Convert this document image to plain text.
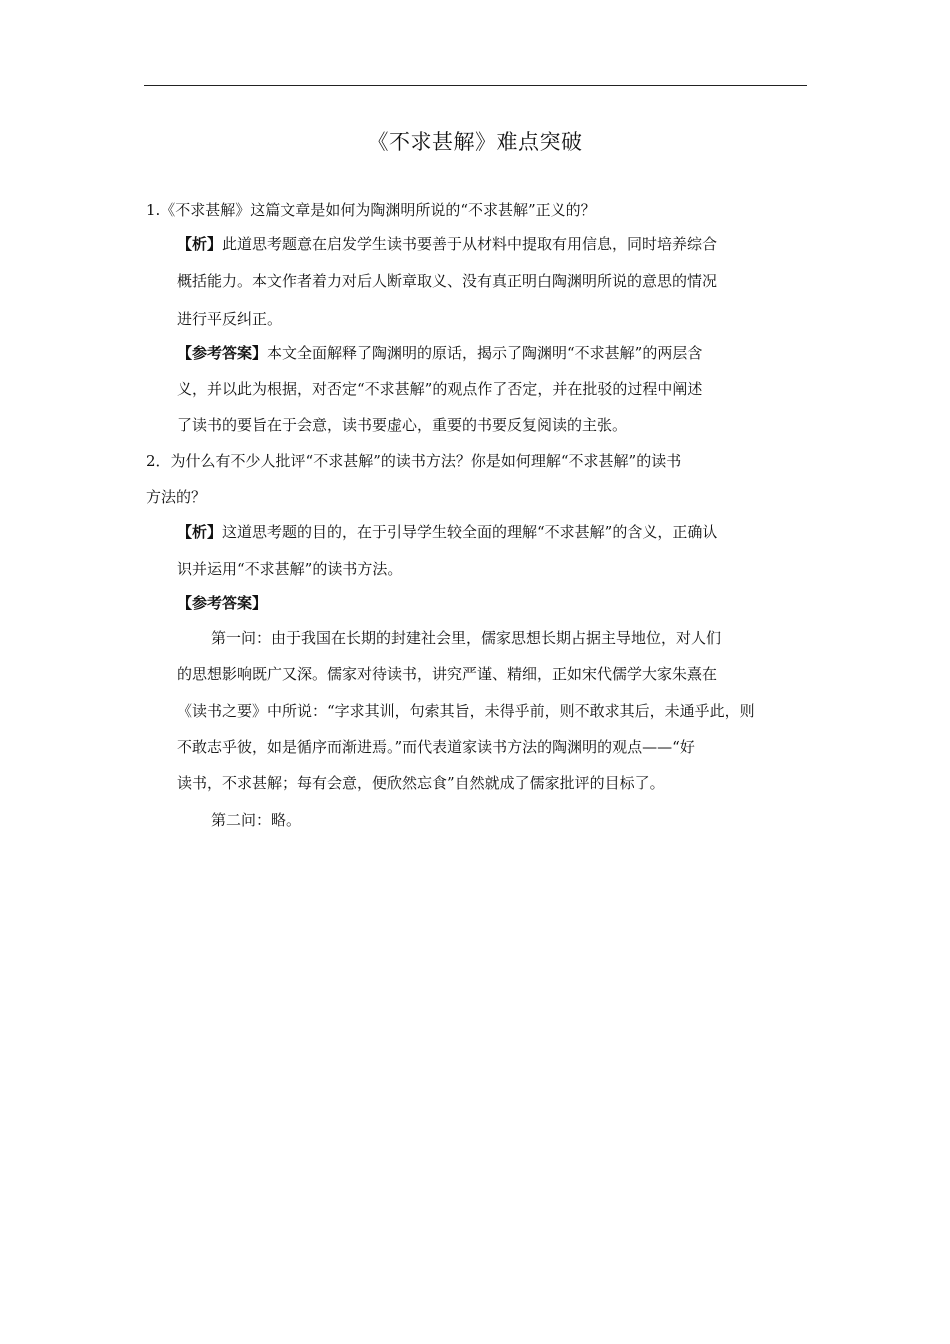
《不求甚解》难点突破
1.《不求甚解》这篇文章是如何为陶渊明所说的“不求甚解”正义的？
【析】此道思考题意在启发学生读书要善于从材料中提取有用信息，同时培养综合
概括能力。本文作者着力对后人断章取义、没有真正明白陶渊明所说的意思的情况
进行平反纠正。
【参考答案】本文全面解释了陶渊明的原话，揭示了陶渊明“不求甚解”的两层含
义，并以此为根据，对否定“不求甚解”的观点作了否定，并在批驳的过程中阐述
了读书的要旨在于会意，读书要虚心，重要的书要反复阅读的主张。
2．为什么有不少人批评“不求甚解”的读书方法？你是如何理解“不求甚解”的读书
方法的？
【析】这道思考题的目的，在于引导学生较全面的理解“不求甚解”的含义，正确认
识并运用“不求甚解”的读书方法。
【参考答案】
第一问：由于我国在长期的封建社会里，儒家思想长期占据主导地位，对人们
的思想影响既广又深。儒家对待读书，讲究严谨、精细，正如宋代儒学大家朱熹在
《读书之要》中所说：“字求其训，句索其旨，未得乎前，则不敢求其后，未通乎此，则
不敢志乎彼，如是循序而渐进焉。”而代表道家读书方法的陶渊明的观点——“好
读书，不求甚解；每有会意，便欣然忘食”自然就成了儒家批评的目标了。
第二问：略。
